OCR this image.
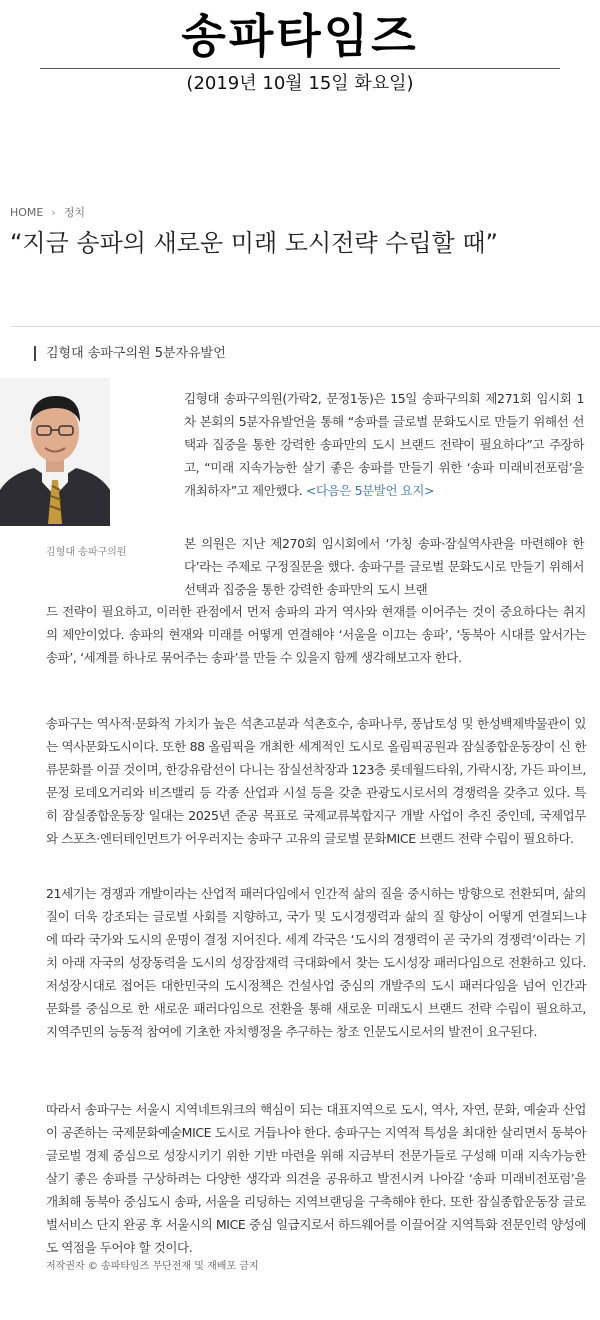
송파타임즈
(2019년 10월 15일 화요일)
HOME › 정치
“지금 송파의 새로운 미래 도시전략 수립할 때”
김형대 송파구의원 5분자유발언
김형대 송파구의원

김형대 송파구의원(가락2, 문정1동)은 15일 송파구의회 제271회 임시회 1차 본회의 5분자유발언을 통해 “송파를 글로벌 문화도시로 만들기 위해선 선택과 집중을 통한 강력한 송파만의 도시 브랜드 전략이 필요하다”고 주장하고, “미래 지속가능한 살기 좋은 송파를 만들기 위한 ‘송파 미래비전포럼’을 개최하자”고 제안했다. <다음은 5분발언 요지>

본 의원은 지난 제270회 임시회에서 ‘가칭 송파·잠실역사관을 마련해야 한다’라는 주제로 구정질문을 했다. 송파구를 글로벌 문화도시로 만들기 위해서 선택과 집중을 통한 강력한 송파만의 도시 브랜

드 전략이 필요하고, 이러한 관점에서 먼저 송파의 과거 역사와 현재를 이어주는 것이 중요하다는 취지의 제안이었다. 송파의 현재와 미래를 어떻게 연결해야 ‘서울을 이끄는 송파’, ‘동북아 시대를 앞서가는 송파’, ‘세계를 하나로 묶어주는 송파’를 만들 수 있을지 함께 생각해보고자 한다.

송파구는 역사적·문화적 가치가 높은 석촌고분과 석촌호수, 송파나루, 풍납토성 및 한성백제박물관이 있는 역사문화도시이다. 또한 88 올림픽을 개최한 세계적인 도시로 올림픽공원과 잠실종합운동장이 신 한류문화를 이끌 것이며, 한강유람선이 다니는 잠실선착장과 123층 롯데월드타워, 가락시장, 가든 파이브, 문정 로데오거리와 비즈밸리 등 각종 산업과 시설 등을 갖춘 관광도시로서의 경쟁력을 갖추고 있다. 특히 잠실종합운동장 일대는 2025년 준공 목표로 국제교류복합지구 개발 사업이 추진 중인데, 국제업무와 스포츠·엔터테인먼트가 어우러지는 송파구 고유의 글로벌 문화MICE 브랜드 전략 수립이 필요하다.

21세기는 경쟁과 개발이라는 산업적 패러다임에서 인간적 삶의 질을 중시하는 방향으로 전환되며, 삶의 질이 더욱 강조되는 글로벌 사회를 지향하고, 국가 및 도시경쟁력과 삶의 질 향상이 어떻게 연결되느냐에 따라 국가와 도시의 운명이 결정 지어진다. 세계 각국은 ‘도시의 경쟁력이 곧 국가의 경쟁력’이라는 기치 아래 자국의 성장동력을 도시의 성장잠재력 극대화에서 찾는 도시성장 패러다임으로 전환하고 있다. 저성장시대로 접어든 대한민국의 도시정책은 건설사업 중심의 개발주의 도시 패러다임을 넘어 인간과 문화를 중심으로 한 새로운 패러다임으로 전환을 통해 새로운 미래도시 브랜드 전략 수립이 필요하고, 지역주민의 능동적 참여에 기초한 자치행정을 추구하는 창조 인문도시로서의 발전이 요구된다.

따라서 송파구는 서울시 지역네트워크의 핵심이 되는 대표지역으로 도시, 역사, 자연, 문화, 예술과 산업이 공존하는 국제문화예술MICE 도시로 거듭나야 한다. 송파구는 지역적 특성을 최대한 살리면서 동북아 글로벌 경제 중심으로 성장시키기 위한 기반 마련을 위해 지금부터 전문가들로 구성해 미래 지속가능한 살기 좋은 송파를 구상하려는 다양한 생각과 의견을 공유하고 발전시켜 나아갈 ‘송파 미래비전포럼’을 개최해 동북아 중심도시 송파, 서울을 리딩하는 지역브랜딩을 구축해야 한다. 또한 잠실종합운동장 글로벌서비스 단지 완공 후 서울시의 MICE 중심 일급지로서 하드웨어를 이끌어갈 지역특화 전문인력 양성에도 역점을 두어야 할 것이다.

저작권자 © 송파타임즈 무단전재 및 재배포 금지
